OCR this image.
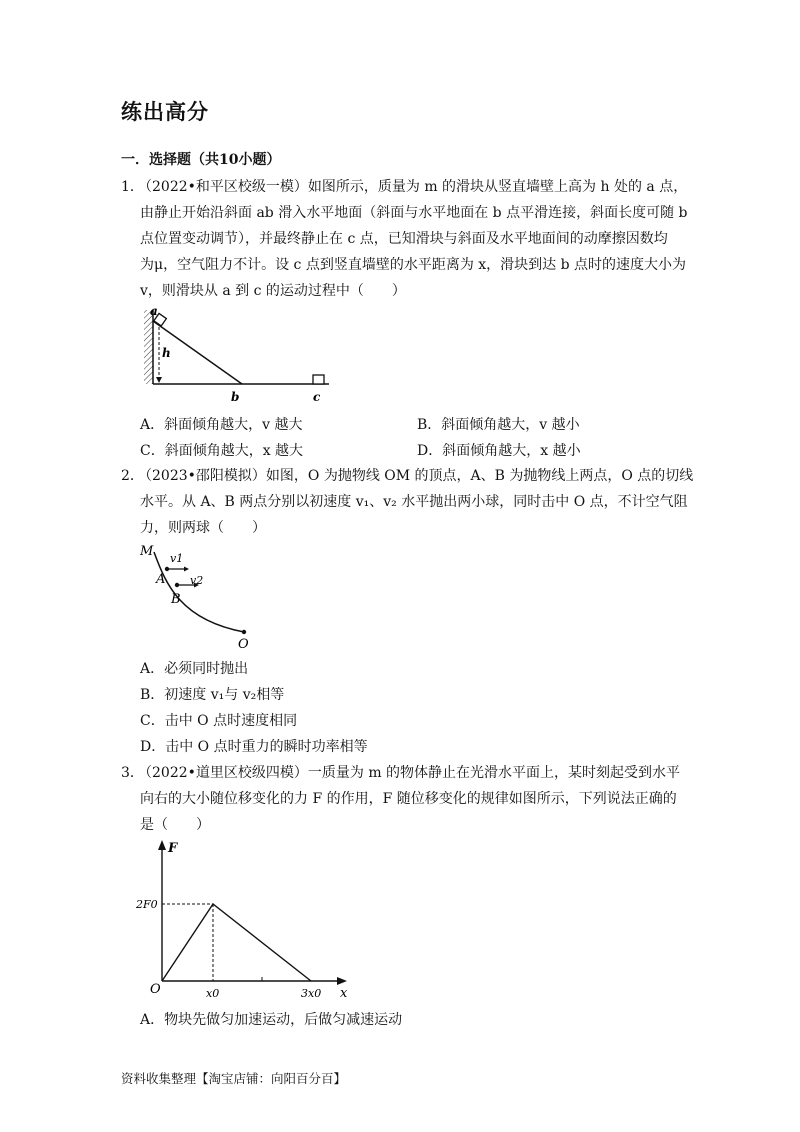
练出高分
一．选择题（共10小题）
1．
（2022•和平区校级一模）如图所示，质量为 m 的滑块从竖直墙壁上高为 h 处的 a 点，
由静止开始沿斜面 ab 滑入水平地面（斜面与水平地面在 b 点平滑连接，斜面长度可随 b
点位置变动调节），并最终静止在 c 点，已知滑块与斜面及水平地面间的动摩擦因数均
为μ，空气阻力不计。设 c 点到竖直墙壁的水平距离为 x，滑块到达 b 点时的速度大小为
v，则滑块从 a 到 c 的运动过程中（　　）
a
h
b	c
A．斜面倾角越大，v 越大	B．斜面倾角越大，v 越小
C．斜面倾角越大，x 越大	D．斜面倾角越大，x 越小
2．
（2023•邵阳模拟）如图，O 为抛物线 OM 的顶点，A、B 为抛物线上两点，O 点的切线
水平。从 A、B 两点分别以初速度 v₁、v₂ 水平抛出两小球，同时击中 O 点，不计空气阻
力，则两球（　　）
M v1
A v2
B
O
A．必须同时抛出
B．初速度 v₁与 v₂相等
C．击中 O 点时速度相同
D．击中 O 点时重力的瞬时功率相等
3．
（2022•道里区校级四模）一质量为 m 的物体静止在光滑水平面上，某时刻起受到水平
向右的大小随位移变化的力 F 的作用，F 随位移变化的规律如图所示，下列说法正确的
是（　　）
F
2F0
O	x0	3x0 x
A．物块先做匀加速运动，后做匀减速运动
资料收集整理【淘宝店铺：向阳百分百】
